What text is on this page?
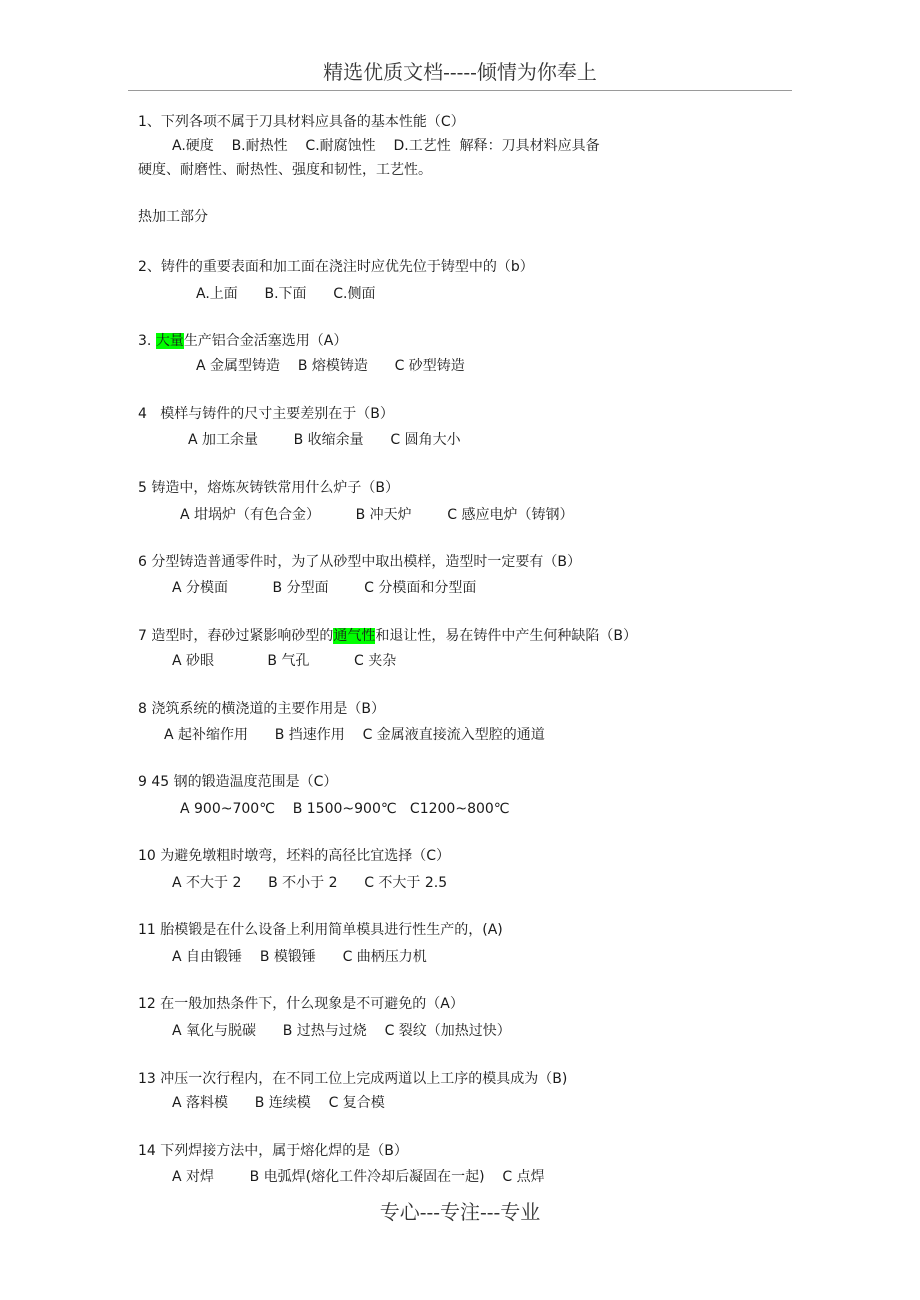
精选优质文档-----倾情为你奉上
1、下列各项不属于刀具材料应具备的基本性能（C）
A.硬度    B.耐热性    C.耐腐蚀性    D.工艺性  解释：刀具材料应具备
硬度、耐磨性、耐热性、强度和韧性，工艺性。
热加工部分
2、铸件的重要表面和加工面在浇注时应优先位于铸型中的（b）
A.上面      B.下面      C.侧面
3. 大量生产铝合金活塞选用（A）
A 金属型铸造    B 熔模铸造      C 砂型铸造
4   模样与铸件的尺寸主要差别在于（B）
A 加工余量        B 收缩余量      C 圆角大小
5 铸造中，熔炼灰铸铁常用什么炉子（B）
A 坩埚炉（有色合金）        B 冲天炉        C 感应电炉（铸钢）
6 分型铸造普通零件时，为了从砂型中取出模样，造型时一定要有（B）
A 分模面          B 分型面        C 分模面和分型面
7 造型时，舂砂过紧影响砂型的通气性和退让性，易在铸件中产生何种缺陷（B）
A 砂眼            B 气孔          C 夹杂
8 浇筑系统的横浇道的主要作用是（B）
A 起补缩作用      B 挡速作用    C 金属液直接流入型腔的通道
9 45 钢的锻造温度范围是（C）
A 900~700℃    B 1500~900℃   C1200~800℃
10 为避免墩粗时墩弯，坯料的高径比宜选择（C）
A 不大于 2      B 不小于 2      C 不大于 2.5
11 胎模锻是在什么设备上利用简单模具进行性生产的，(A)
A 自由锻锤    B 模锻锤      C 曲柄压力机
12 在一般加热条件下，什么现象是不可避免的（A）
A 氧化与脱碳      B 过热与过烧    C 裂纹（加热过快）
13 冲压一次行程内，在不同工位上完成两道以上工序的模具成为（B)
A 落料模      B 连续模    C 复合模
14 下列焊接方法中，属于熔化焊的是（B）
A 对焊        B 电弧焊(熔化工件冷却后凝固在一起)    C 点焊
专心---专注---专业
